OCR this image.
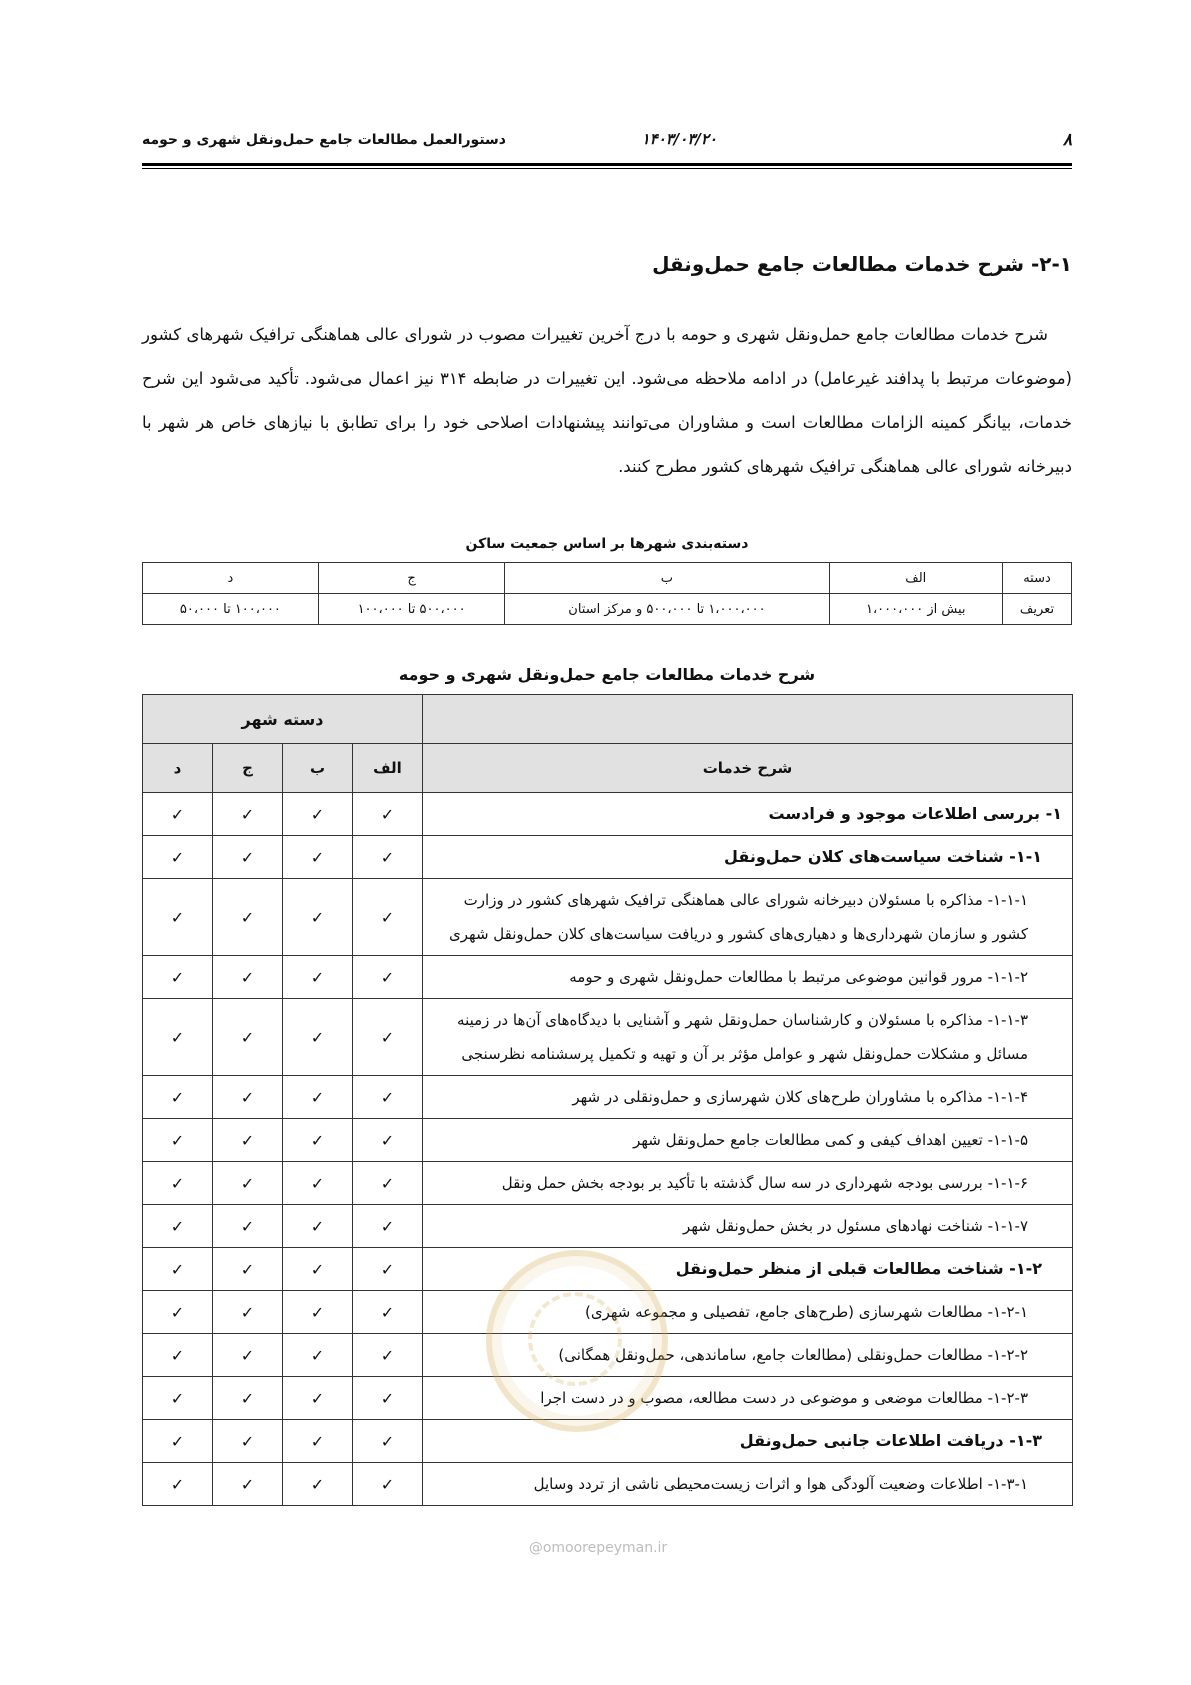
۸
۱۴۰۳/۰۳/۲۰
دستورالعمل مطالعات جامع حمل‌ونقل شهری و حومه
۲-۱- شرح خدمات مطالعات جامع حمل‌ونقل
شرح خدمات مطالعات جامع حمل‌ونقل شهری و حومه با درج آخرین تغییرات مصوب در شورای عالی هماهنگی ترافیک شهرهای کشور (موضوعات مرتبط با پدافند غیرعامل) در ادامه ملاحظه می‌شود. این تغییرات در ضابطه ۳۱۴ نیز اعمال می‌شود. تأکید می‌شود این شرح خدمات، بیانگر کمینه الزامات مطالعات است و مشاوران می‌توانند پیشنهادات اصلاحی خود را برای تطابق با نیازهای خاص هر شهر با دبیرخانه شورای عالی هماهنگی ترافیک شهرهای کشور مطرح کنند.
دسته‌بندی شهرها بر اساس جمعیت ساکن
دسته	الف	ب	ج	د
تعریف	بیش از ۱،۰۰۰،۰۰۰	۱،۰۰۰،۰۰۰ تا ۵۰۰،۰۰۰ و مرکز استان	۵۰۰،۰۰۰ تا ۱۰۰،۰۰۰	۱۰۰،۰۰۰ تا ۵۰،۰۰۰
شرح خدمات مطالعات جامع حمل‌ونقل شهری و حومه
	دسته شهر			
شرح خدمات	الف	ب	ج	د
۱- بررسی اطلاعات موجود و فرادست	✓	✓	✓	✓
۱-۱- شناخت سیاست‌های کلان حمل‌ونقل	✓	✓	✓	✓
۱-۱-۱- مذاکره با مسئولان دبیرخانه شورای عالی هماهنگی ترافیک شهرهای کشور در وزارت کشور و سازمان شهرداری‌ها و دهیاری‌های کشور و دریافت سیاست‌های کلان حمل‌ونقل شهری	✓	✓	✓	✓
۱-۱-۲- مرور قوانین موضوعی مرتبط با مطالعات حمل‌ونقل شهری و حومه	✓	✓	✓	✓
۱-۱-۳- مذاکره با مسئولان و کارشناسان حمل‌ونقل شهر و آشنایی با دیدگاه‌های آن‌ها در زمینه مسائل و مشکلات حمل‌ونقل شهر و عوامل مؤثر بر آن و تهیه و تکمیل پرسشنامه نظرسنجی	✓	✓	✓	✓
۱-۱-۴- مذاکره با مشاوران طرح‌های کلان شهرسازی و حمل‌ونقلی در شهر	✓	✓	✓	✓
۱-۱-۵- تعیین اهداف کیفی و کمی مطالعات جامع حمل‌ونقل شهر	✓	✓	✓	✓
۱-۱-۶- بررسی بودجه شهرداری در سه سال گذشته با تأکید بر بودجه بخش حمل ونقل	✓	✓	✓	✓
۱-۱-۷- شناخت نهادهای مسئول در بخش حمل‌ونقل شهر	✓	✓	✓	✓
۱-۲- شناخت مطالعات قبلی از منظر حمل‌ونقل	✓	✓	✓	✓
۱-۲-۱- مطالعات شهرسازی (طرح‌های جامع، تفصیلی و مجموعه شهری)	✓	✓	✓	✓
۱-۲-۲- مطالعات حمل‌ونقلی (مطالعات جامع، ساماندهی، حمل‌ونقل همگانی)	✓	✓	✓	✓
۱-۲-۳- مطالعات موضعی و موضوعی در دست مطالعه، مصوب و در دست اجرا	✓	✓	✓	✓
۱-۳- دریافت اطلاعات جانبی حمل‌ونقل	✓	✓	✓	✓
۱-۳-۱- اطلاعات وضعیت آلودگی هوا و اثرات زیست‌محیطی ناشی از تردد وسایل	✓	✓	✓	✓
@omoorepeyman.ir
